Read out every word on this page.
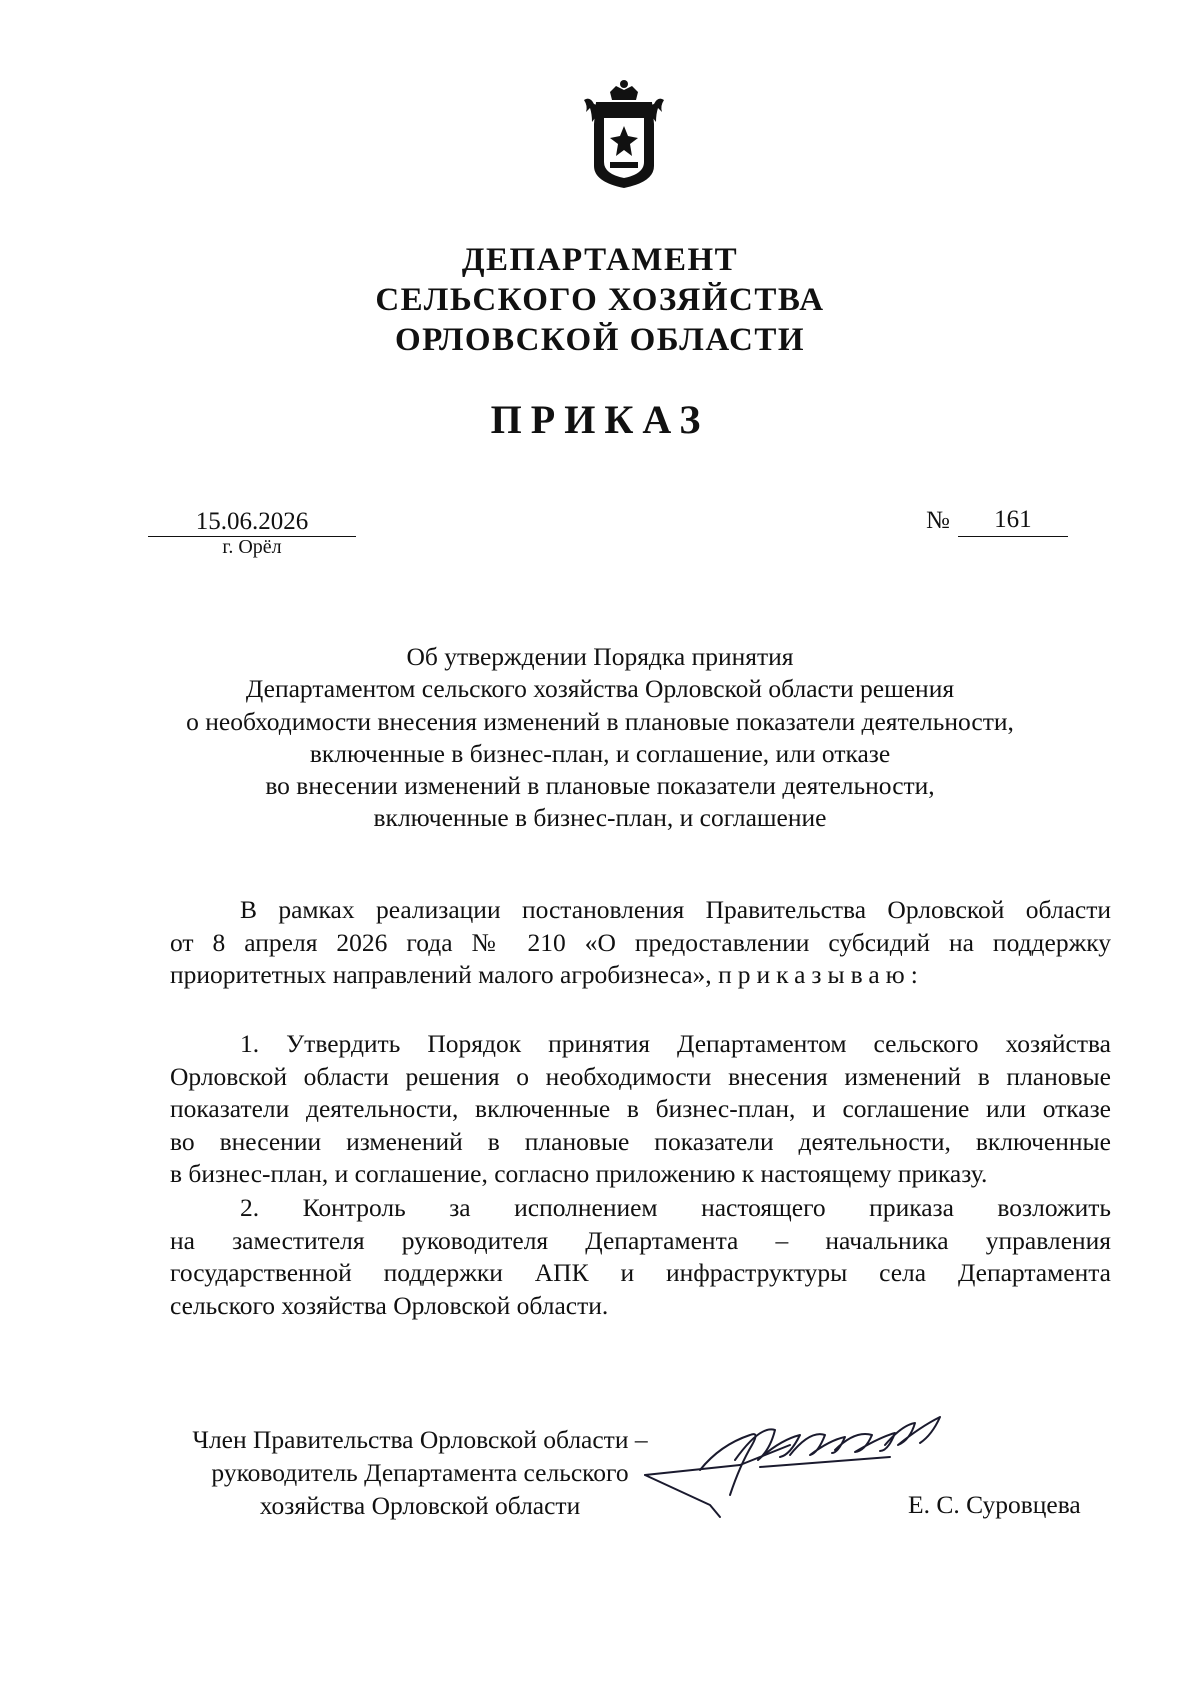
ДЕПАРТАМЕНТ
СЕЛЬСКОГО ХОЗЯЙСТВА
ОРЛОВСКОЙ ОБЛАСТИ
ПРИКАЗ
15.06.2026
г. Орёл
№ 161
Об утверждении Порядка принятия
Департаментом сельского хозяйства Орловской области решения
о необходимости внесения изменений в плановые показатели деятельности,
включенные в бизнес-план, и соглашение, или отказе
во внесении изменений в плановые показатели деятельности,
включенные в бизнес-план, и соглашение
В рамках реализации постановления Правительства Орловской области
от 8 апреля 2026 года № 210 «О предоставлении субсидий на поддержку
приоритетных направлений малого агробизнеса», приказываю:
1. Утвердить Порядок принятия Департаментом сельского хозяйства
Орловской области решения о необходимости внесения изменений в плановые
показатели деятельности, включенные в бизнес-план, и соглашение или отказе
во внесении изменений в плановые показатели деятельности, включенные
в бизнес-план, и соглашение, согласно приложению к настоящему приказу.
2. Контроль за исполнением настоящего приказа возложить
на заместителя руководителя Департамента – начальника управления
государственной поддержки АПК и инфраструктуры села Департамента
сельского хозяйства Орловской области.
Член Правительства Орловской области –
руководитель Департамента сельского
хозяйства Орловской области	Е. С. Суровцева
